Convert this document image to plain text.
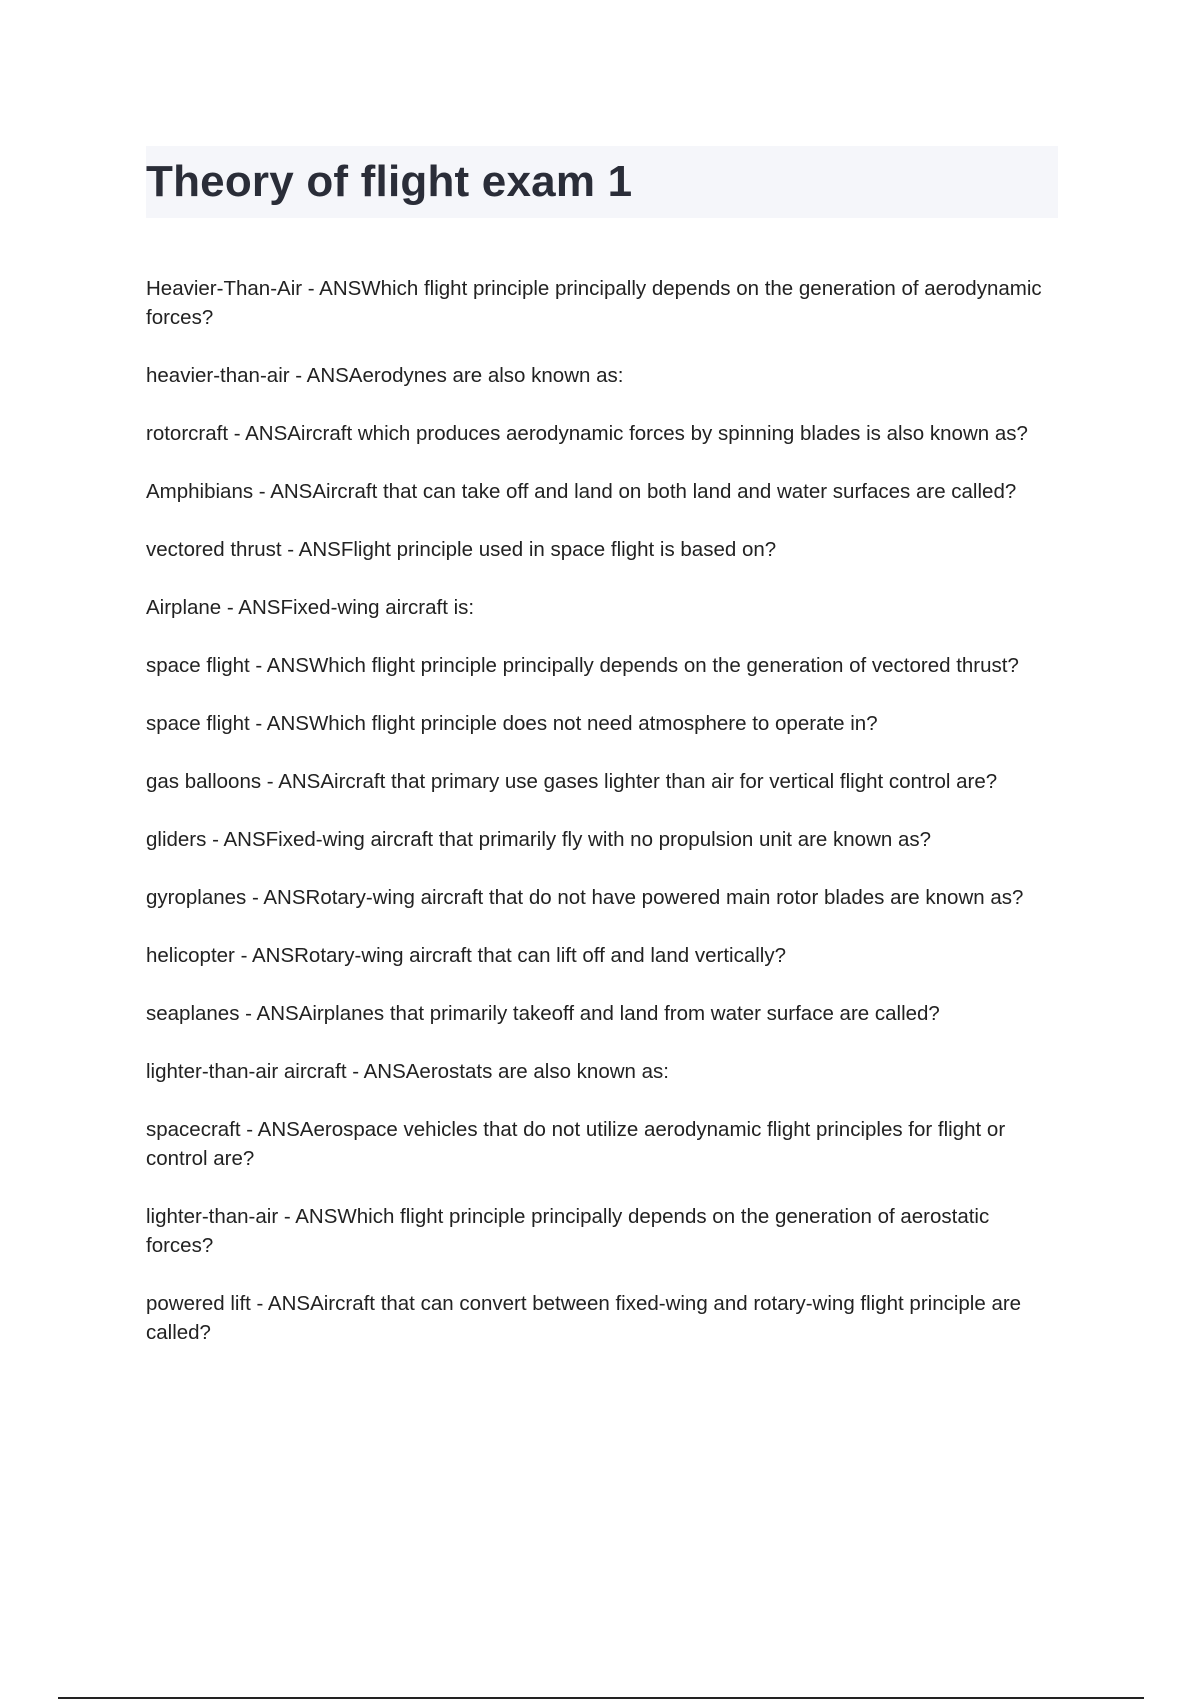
Theory of flight exam 1
Heavier-Than-Air - ANSWhich flight principle principally depends on the generation of aerodynamic forces?
heavier-than-air - ANSAerodynes are also known as:
rotorcraft - ANSAircraft which produces aerodynamic forces by spinning blades is also known as?
Amphibians - ANSAircraft that can take off and land on both land and water surfaces are called?
vectored thrust - ANSFlight principle used in space flight is based on?
Airplane - ANSFixed-wing aircraft is:
space flight - ANSWhich flight principle principally depends on the generation of vectored thrust?
space flight - ANSWhich flight principle does not need atmosphere to operate in?
gas balloons - ANSAircraft that primary use gases lighter than air for vertical flight control are?
gliders - ANSFixed-wing aircraft that primarily fly with no propulsion unit are known as?
gyroplanes - ANSRotary-wing aircraft that do not have powered main rotor blades are known as?
helicopter - ANSRotary-wing aircraft that can lift off and land vertically?
seaplanes - ANSAirplanes that primarily takeoff and land from water surface are called?
lighter-than-air aircraft - ANSAerostats are also known as:
spacecraft - ANSAerospace vehicles that do not utilize aerodynamic flight principles for flight or control are?
lighter-than-air - ANSWhich flight principle principally depends on the generation of aerostatic forces?
powered lift - ANSAircraft that can convert between fixed-wing and rotary-wing flight principle are called?
